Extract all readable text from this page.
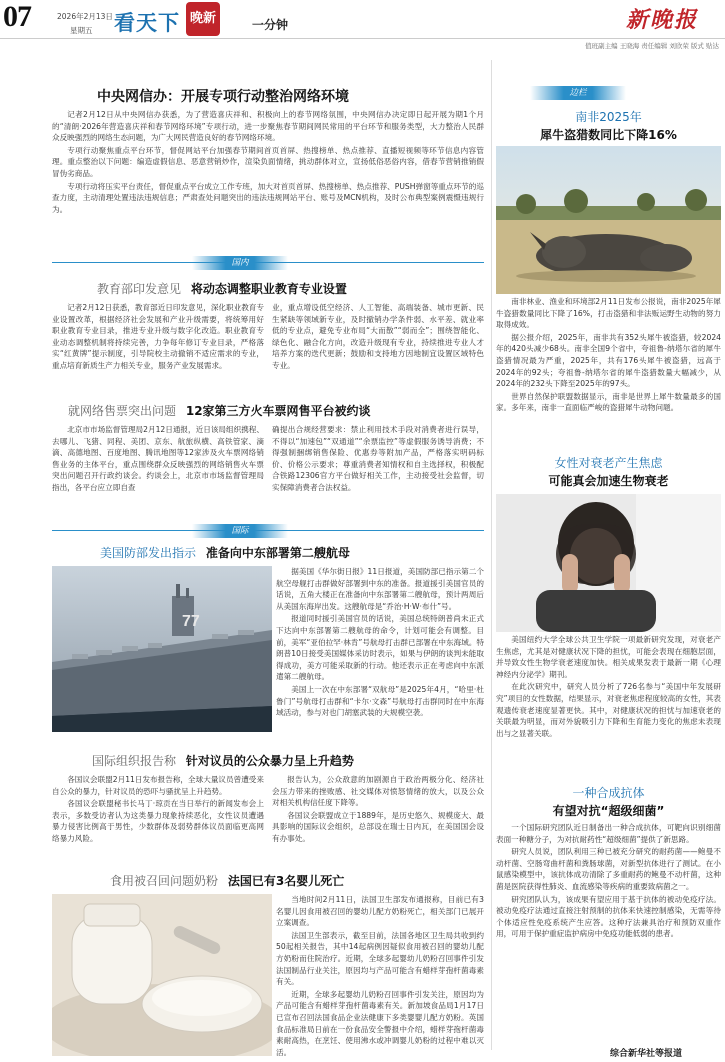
07	2026年2月13日
星期五 看天下 晚新	一分钟	新晚报
值班副主编 王晓海 责任编辑 刘欣荣 版式 贴达
中央网信办：开展专项行动整治网络环境

记者2月12日从中央网信办获悉，为了营造喜庆祥和、积极向上的春节网络氛围，中央网信办决定即日起开展为期1个月的“清朗·2026年营造喜庆祥和春节网络环境”专项行动，进一步聚焦春节期间网民常用的平台环节和服务类型，大力整治人民群众反映强烈的网络生态问题，为广大网民营造良好的春节网络环境。

专项行动聚焦重点平台环节，督促网站平台加强春节期间首页首屏、热搜榜单、热点推荐、直播短视频等环节信息内容管理。重点整治以下问题：编造虚假信息、恶意营销炒作，渲染负面情绪，挑动群体对立，宣扬低俗恶俗内容，借春节营销推销假冒伪劣商品。

专项行动将压实平台责任，督促重点平台成立工作专班，加大对首页首屏、热搜榜单、热点推荐、PUSH弹窗等重点环节的巡查力度，主动清理处置违法违规信息；严肃查处问题突出的违法违规网站平台、账号及MCN机构，及时公布典型案例震慑违规行为。

国内
教育部印发意见 将动态调整职业教育专业设置

记者2月12日获悉，教育部近日印发意见，深化职业教育专业设置改革，根据经济社会发展和产业升级需要，将统筹用好职业教育专业目录，推进专业升级与数字化改造。职业教育专业动态调整机制将持续完善，力争每年修订专业目录，严格落实“红黄牌”提示制度，引导院校主动撤销不适应需求的专业，重点培育新质生产力相关专业，服务产业发展需求。

业，重点增设低空经济、人工智能、高端装备、城市更新、民生紧缺等领域新专业，及时撤销办学条件弱、水平差、就业率低的专业点，避免专业布局“大而散”“弱而全”；围绕智能化、绿色化、融合化方向，改造升级现有专业，持续推进专业人才培养方案的迭代更新；鼓励和支持地方因地制宜设置区域特色专业。

就网络售票突出问题 12家第三方火车票网售平台被约谈

北京市市场监督管理局2月12日通报，近日该局组织携程、去哪儿、飞猪、同程、美团、京东、航旅纵横、高铁管家、滴滴、高德地图、百度地图、腾讯地图等12家涉及火车票网络销售业务的主体平台，重点围绕群众反映强烈的网络销售火车票突出问题召开行政约谈会。约谈会上，北京市市场监督管理局指出，各平台应立即自查

确提出合规经营要求：禁止利用技术手段对消费者进行误导，不得以“加速包”“双通道”“余票监控”等虚假服务诱导消费；不得强制捆绑销售保险、优惠券等附加产品，严格落实明码标价、价格公示要求；尊重消费者知情权和自主选择权，积极配合铁路12306官方平台做好相关工作，主动接受社会监督，切实保障消费者合法权益。

国际
美国防部发出指示 准备向中东部署第二艘航母
77

据美国《华尔街日报》11日报道，美国防部已指示第二个航空母舰打击群做好部署到中东的准备。报道援引美国官员的话说，五角大楼正在准备向中东部署第二艘航母，预计两周后从美国东海岸出发。这艘航母是“乔治·H·W·布什”号。

报道同时援引美国官员的话说，美国总统特朗普尚未正式下达向中东部署第二艘航母的命令，计划可能会有调整。目前，美军“亚伯拉罕·林肯”号航母打击群已部署在中东海域。特朗普10日接受美国媒体采访时表示，如果与伊朗的谈判未能取得成功，美方可能采取新的行动。他还表示正在考虑向中东派遣第二艘航母。

美国上一次在中东部署“双航母”是2025年4月，“哈里·杜鲁门”号航母打击群和“卡尔·文森”号航母打击群同时在中东海域活动，参与对也门胡塞武装的大规模空袭。

国际组织报告称 针对议员的公众暴力呈上升趋势

各国议会联盟2月11日发布报告称，全球大量议员曾遭受来自公众的暴力，针对议员的恐吓与骚扰呈上升趋势。

各国议会联盟秘书长马丁·琼贡在当日举行的新闻发布会上表示，多数受访者认为这类暴力现象持续恶化，女性议员遭遇暴力侵害比例高于男性，少数群体及弱势群体议员面临更高网络暴力风险。

报告认为，公众敌意的加剧源自于政治两极分化、经济社会压力带来的挫败感、社交媒体对愤怒情绪的放大，以及公众对相关机构信任度下降等。

各国议会联盟成立于1889年，是历史悠久、规模庞大、最具影响的国际议会组织，总部设在瑞士日内瓦，在美国国会设有办事处。

食用被召回问题奶粉 法国已有3名婴儿死亡

当地时间2月11日，法国卫生部发布通报称，目前已有3名婴儿因食用被召回的婴幼儿配方奶粉死亡，相关部门已展开立案调查。

法国卫生部表示，截至目前，法国各地区卫生局共收到约50起相关报告，其中14起病例因疑似食用被召回的婴幼儿配方奶粉而住院治疗。近期，全球多起婴幼儿奶粉召回事件引发法国制品行业关注，原因均与产品可能含有蜡样芽孢杆菌毒素有关。

近期，全球多起婴幼儿奶粉召回事件引发关注，原因均为产品可能含有蜡样芽孢杆菌毒素有关。新加坡食品局1月17日已宣布召回法国食品企业法健康下多类婴婴儿配方奶粉。英国食品标准局日前在一份食品安全警报中介绍，蜡样芽孢杆菌毒素耐高热，在烹饪、使用沸水或冲调婴儿奶粉的过程中难以灭活。

边栏
南非2025年
犀牛盗猎数同比下降16%

南非林业、渔业和环境部2月11日发布公报说，南非2025年犀牛盗猎数量同比下降了16%，打击盗猎和非法贩运野生动物的努力取得成效。

据公报介绍，2025年，南非共有352头犀牛被盗猎，较2024年的420头减少68头。南非全国9个省中，夸祖鲁-纳塔尔省的犀牛盗猎情况最为严重，2025年，共有176头犀牛被盗猎，远高于2024年的92头；夸祖鲁-纳塔尔省的犀牛盗猎数量大幅减少，从2024年的232头下降至2025年的97头。

世界自然保护联盟数据显示，南非是世界上犀牛数量最多的国家。多年来，南非一直面临严峻的盗猎犀牛动物问题。

女性对衰老产生焦虑
可能真会加速生物衰老

美国纽约大学全球公共卫生学院一项最新研究发现，对衰老产生焦虑，尤其是对健康状况下降的担忧，可能会表现在细胞层面，并导致女性生物学衰老速度加快。相关成果发表于最新一期《心理神经内分泌学》期刊。

在此次研究中，研究人员分析了726名参与“美国中年发展研究”项目的女性数据，结果显示，对衰老焦虑程度较高的女性，其表观遗传衰老速度显著更快。其中，对健康状况的担忧与加速衰老的关联最为明显，而对外貌吸引力下降和生育能力变化的焦虑未表现出与之显著关联。

一种合成抗体
有望对抗“超级细菌”

一个国际研究团队近日制备出一种合成抗体，可靶向识别细菌表面一种糖分子，为对抗耐药性“超级细菌”提供了新思路。

研究人员说，团队利用三种已被充分研究的耐药菌——鲍曼不动杆菌、空肠弯曲杆菌和粪肠球菌，对新型抗体进行了测试。在小鼠感染模型中，该抗体成功清除了多重耐药的鲍曼不动杆菌，这种菌是医院获得性肺炎、血流感染等疾病的重要致病菌之一。

研究团队认为，该成果有望应用于基于抗体的被动免疫疗法。被动免疫疗法通过直接注射预制的抗体来快速控制感染，无需等待个体适应性免疫系统产生应答。这种疗法兼具治疗和预防双重作用，可用于保护重症监护病房中免疫功能低弱的患者。

综合新华社等报道
